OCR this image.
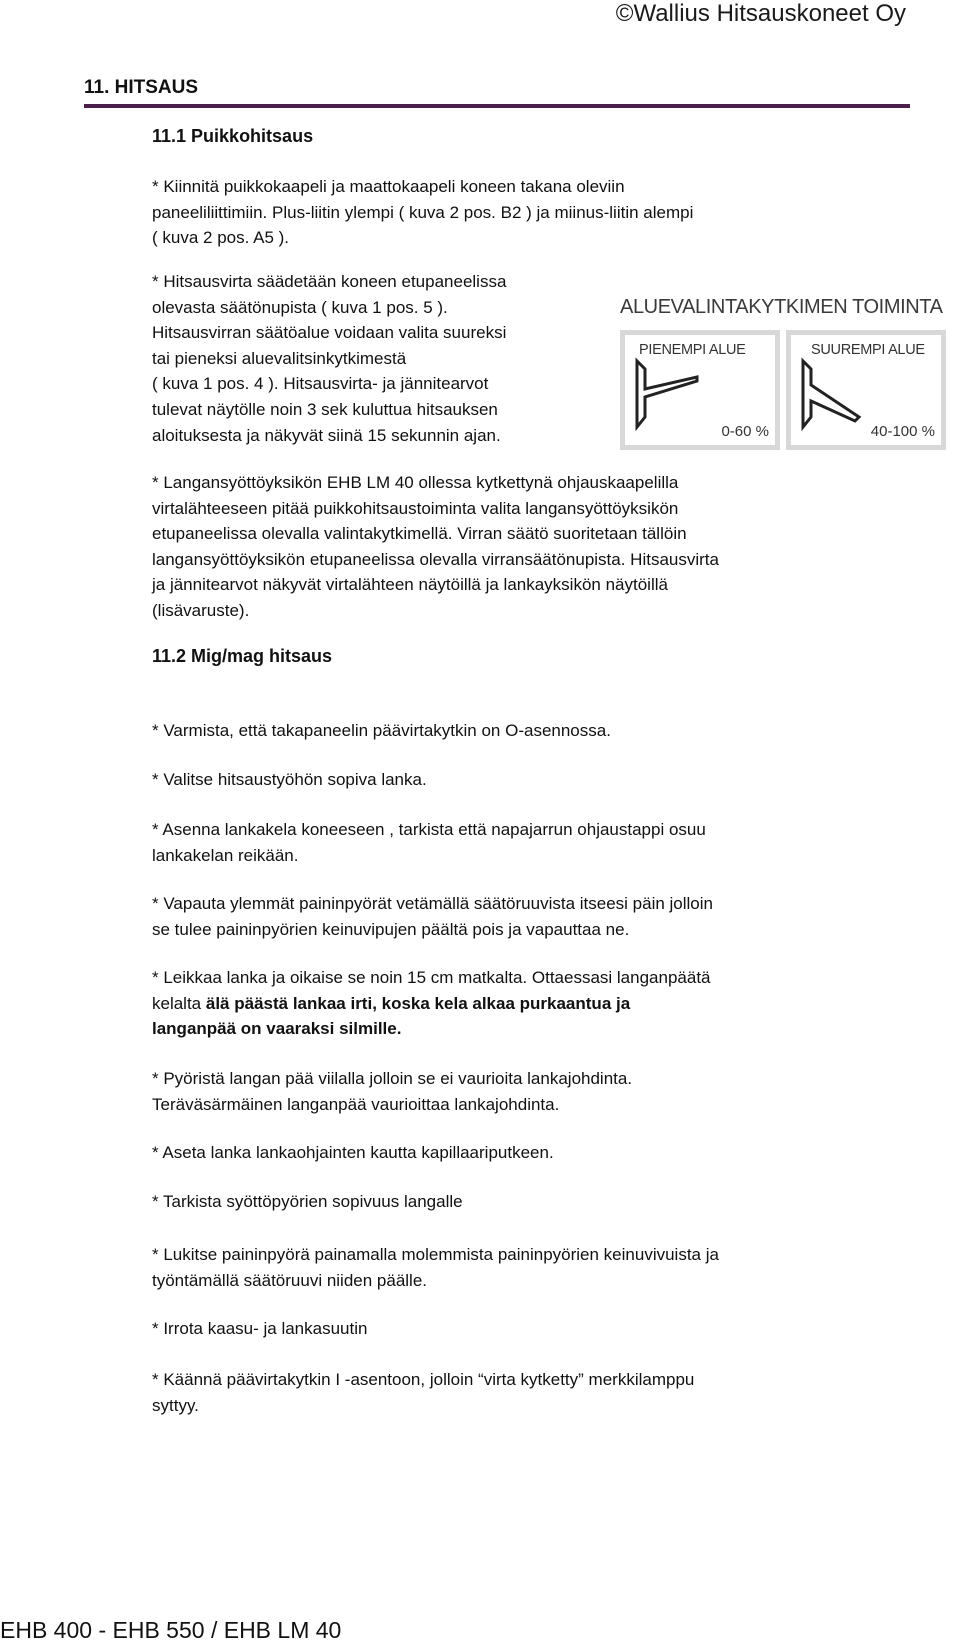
©Wallius Hitsauskoneet Oy
11. HITSAUS
11.1 Puikkohitsaus

* Kiinnitä puikkokaapeli ja maattokaapeli koneen takana oleviin

paneeliliittimiin. Plus-liitin ylempi ( kuva 2 pos. B2 ) ja miinus-liitin alempi

( kuva 2 pos. A5 ).

* Hitsausvirta säädetään koneen etupaneelissa

olevasta säätönupista ( kuva 1 pos. 5 ).

Hitsausvirran säätöalue voidaan valita suureksi

tai pieneksi aluevalitsinkytkimestä

( kuva 1 pos. 4 ). Hitsausvirta- ja jännitearvot

tulevat näytölle noin 3 sek kuluttua hitsauksen

aloituksesta ja näkyvät siinä 15 sekunnin ajan.

ALUEVALINTAKYTKIMEN TOIMINTA
PIENEMPI ALUE
0-60 %
SUUREMPI ALUE
40-100 %

* Langansyöttöyksikön EHB LM 40 ollessa kytkettynä ohjauskaapelilla

virtalähteeseen pitää puikkohitsaustoiminta valita langansyöttöyksikön

etupaneelissa olevalla valintakytkimellä. Virran säätö suoritetaan tällöin

langansyöttöyksikön etupaneelissa olevalla virransäätönupista. Hitsausvirta

ja jännitearvot näkyvät virtalähteen näytöillä ja lankayksikön näytöillä

(lisävaruste).

11.2 Mig/mag hitsaus

* Varmista, että takapaneelin päävirtakytkin on O-asennossa.

* Valitse hitsaustyöhön sopiva lanka.

* Asenna lankakela koneeseen , tarkista että napajarrun ohjaustappi osuu

lankakelan reikään.

* Vapauta ylemmät paininpyörät vetämällä säätöruuvista itseesi päin jolloin

se tulee paininpyörien keinuvipujen päältä pois ja vapauttaa ne.

* Leikkaa lanka ja oikaise se noin 15 cm matkalta. Ottaessasi langanpäätä

kelalta älä päästä lankaa irti, koska kela alkaa purkaantua ja

langanpää on vaaraksi silmille.

* Pyöristä langan pää viilalla jolloin se ei vaurioita lankajohdinta.

Teräväsärmäinen langanpää vaurioittaa lankajohdinta.

* Aseta lanka lankaohjainten kautta kapillaariputkeen.

* Tarkista syöttöpyörien sopivuus langalle

* Lukitse paininpyörä painamalla molemmista paininpyörien keinuvivuista ja

työntämällä säätöruuvi niiden päälle.

* Irrota kaasu- ja lankasuutin

* Käännä päävirtakytkin I -asentoon, jolloin “virta kytketty” merkkilamppu

syttyy.

EHB 400 - EHB 550 / EHB LM 40
